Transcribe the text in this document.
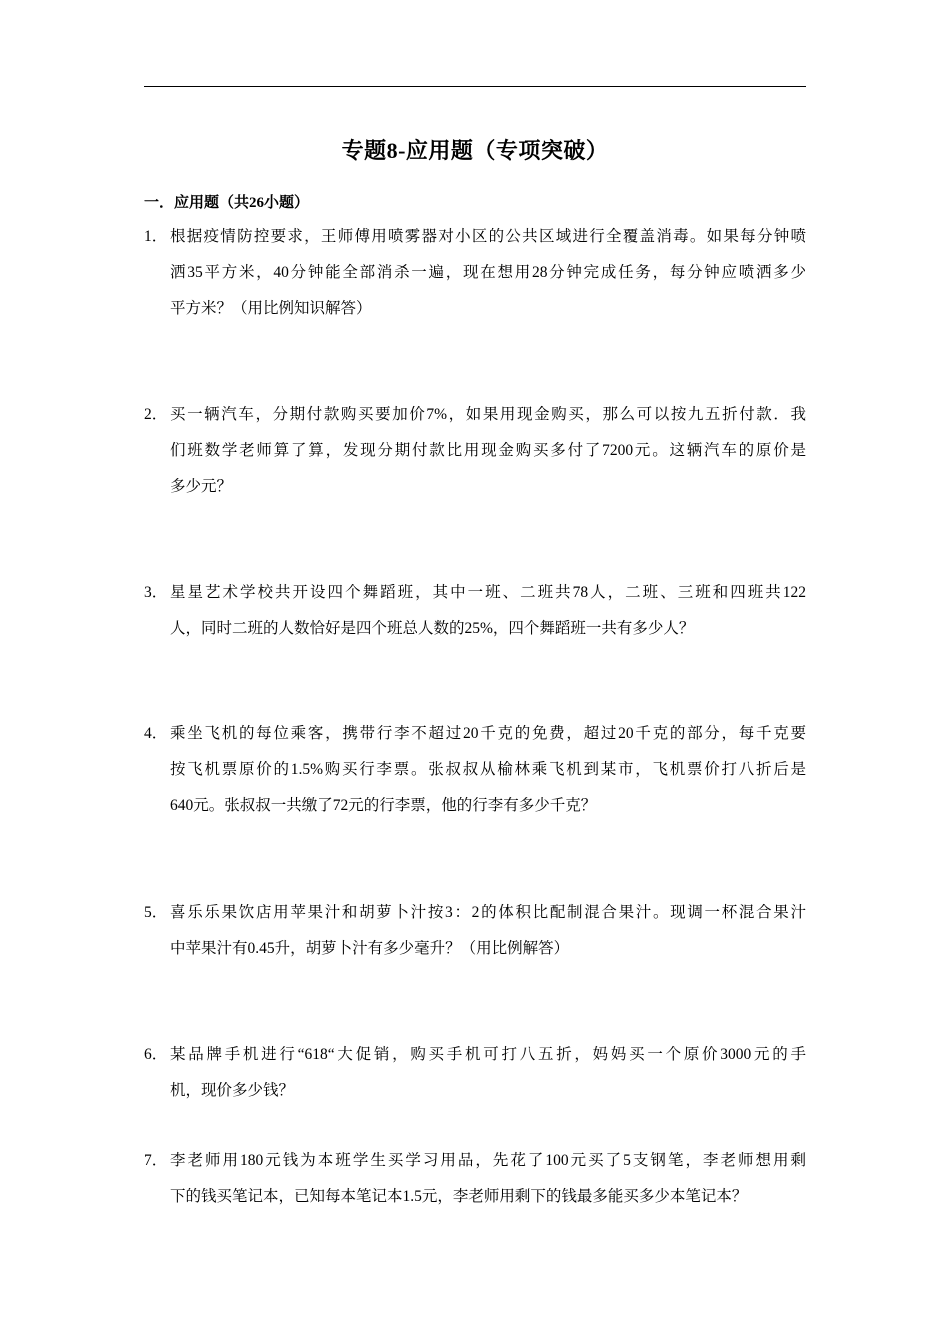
专题8-应用题（专项突破）
一．应用题（共26小题）
1． 根据疫情防控要求，王师傅用喷雾器对小区的公共区域进行全覆盖消毒。如果每分钟喷
洒35平方米，40分钟能全部消杀一遍，现在想用28分钟完成任务，每分钟应喷洒多少
平方米？（用比例知识解答）
2． 买一辆汽车，分期付款购买要加价7%，如果用现金购买，那么可以按九五折付款．我
们班数学老师算了算，发现分期付款比用现金购买多付了7200元。这辆汽车的原价是
多少元？
3． 星星艺术学校共开设四个舞蹈班，其中一班、二班共78人，二班、三班和四班共122
人，同时二班的人数恰好是四个班总人数的25%，四个舞蹈班一共有多少人？
4． 乘坐飞机的每位乘客，携带行李不超过20千克的免费，超过20千克的部分，每千克要
按飞机票原价的1.5%购买行李票。张叔叔从榆林乘飞机到某市，飞机票价打八折后是
640元。张叔叔一共缴了72元的行李票，他的行李有多少千克？
5． 喜乐乐果饮店用苹果汁和胡萝卜汁按3：2的体积比配制混合果汁。现调一杯混合果汁
中苹果汁有0.45升，胡萝卜汁有多少毫升？（用比例解答）
6． 某品牌手机进行“618“大促销，购买手机可打八五折，妈妈买一个原价3000元的手
机，现价多少钱？
7． 李老师用180元钱为本班学生买学习用品，先花了100元买了5支钢笔，李老师想用剩
下的钱买笔记本，已知每本笔记本1.5元，李老师用剩下的钱最多能买多少本笔记本？
